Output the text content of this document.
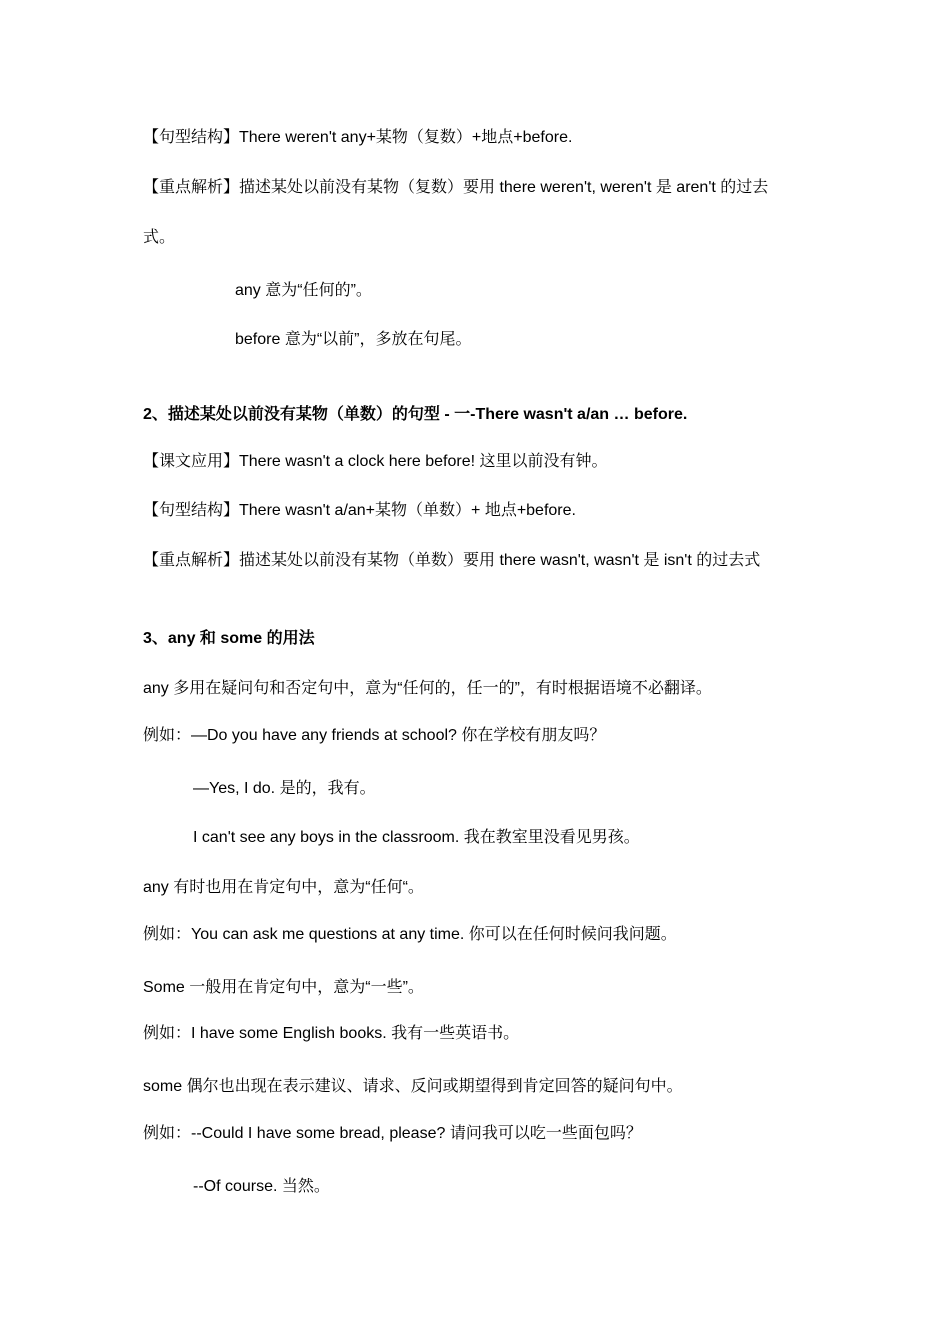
【句型结构】There weren't any+某物（复数）+地点+before.
【重点解析】描述某处以前没有某物（复数）要用 there weren't, weren't 是 aren't 的过去
式。
any 意为“任何的”。
before 意为“以前”，多放在句尾。
2、描述某处以前没有某物（单数）的句型 - 一-There wasn't a/an … before.
【课文应用】There wasn't a clock here before! 这里以前没有钟。
【句型结构】There wasn't a/an+某物（单数）+ 地点+before.
【重点解析】描述某处以前没有某物（单数）要用 there wasn't, wasn't 是 isn't 的过去式
3、any 和 some 的用法
any 多用在疑问句和否定句中，意为“任何的，任一的”，有时根据语境不必翻译。
例如：—Do you have any friends at school? 你在学校有朋友吗？
—Yes, I do. 是的，我有。
I can't see any boys in the classroom. 我在教室里没看见男孩。
any 有时也用在肯定句中，意为“任何“。
例如：You can ask me questions at any time. 你可以在任何时候问我问题。
Some 一般用在肯定句中，意为“一些”。
例如：I have some English books. 我有一些英语书。
some 偶尔也出现在表示建议、请求、反问或期望得到肯定回答的疑问句中。
例如：--Could I have some bread, please? 请问我可以吃一些面包吗？
--Of course. 当然。
